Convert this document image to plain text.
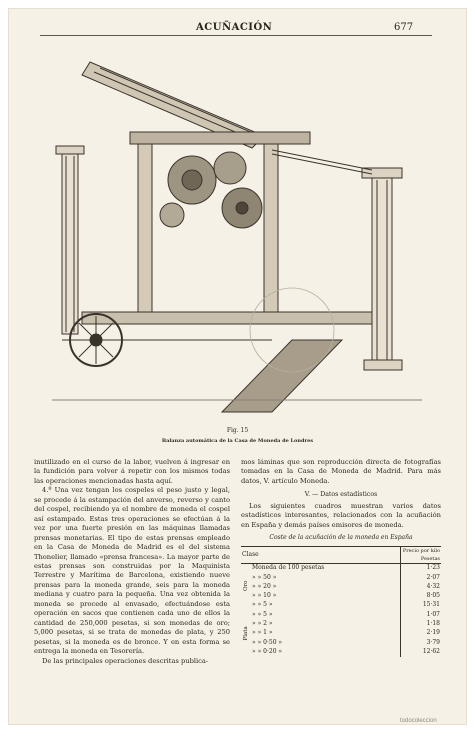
ACUÑACIÓN	677
Fig. 15
Balanza automática de la Casa de Moneda de Londres

inutilizado en el curso de la labor, vuelven á ingresar en la fundición para volver á repetir con los mismos todas las operaciones mencionadas hasta aquí.

4.º Una vez tengan los cospeles el peso justo y legal, se procede á la estampación del anverso, reverso y canto del cospel, recibiendo ya el nombre de moneda el cospel así estampado. Estas tres operaciones se efectúan á la vez por una fuerte presión en las máquinas llamadas prensas monetarias. El tipo de estas prensas empleado en la Casa de Moneda de Madrid es el del sistema Thonelier, llamado «prensa francesa». La mayor parte de estas prensas son construidas por la Maquinista Terrestre y Marítima de Barcelona, existiendo nueve prensas para la moneda grande, seis para la moneda mediana y cuatro para la pequeña. Una vez obtenida la moneda se procede al envasado, efectuándose esta operación en sacos que contienen cada uno de ellos la cantidad de 250,000 pesetas, si son monedas de oro; 5,000 pesetas, si se trata de monedas de plata, y 250 pesetas, si la moneda es de bronce. Y en esta forma se entrega la moneda en Tesorería.

De las principales operaciones descritas publica-

mos láminas que son reproducción directa de fotografías tomadas en la Casa de Moneda de Madrid. Para más datos, V. artículo Moneda.

V. — Datos estadísticos

Los siguientes cuadros muestran varios datos estadísticos interesantes, relacionados con la acuñación en España y demás países emisores de moneda.

Coste de la acuñación de la moneda en España

Clase		Precio por kilo Pesetas
Oro	Moneda de 100 pesetas	1·23
	» » 50 »	2·07
	» » 20 »	4·32
	» » 10 »	8·05
	» » 5 »	15·31
Plata	» » 5 »	1·07
	» » 2 »	1·18
	» » 1 »	2·19
	» » 0·50 »	3·79
	» » 0·20 »	12·62
todocoleccion
